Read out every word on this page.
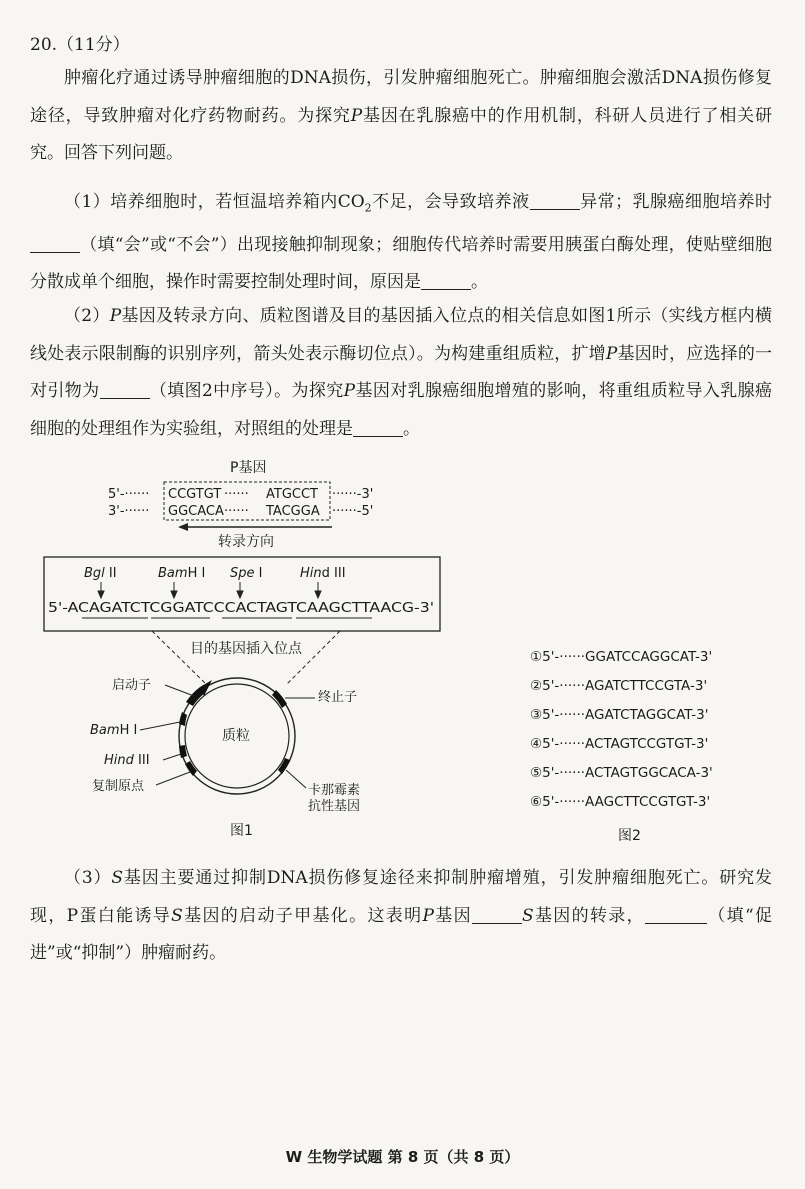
20.（11分）
肿瘤化疗通过诱导肿瘤细胞的DNA损伤，引发肿瘤细胞死亡。肿瘤细胞会激活DNA损伤修复途径，导致肿瘤对化疗药物耐药。为探究P基因在乳腺癌中的作用机制，科研人员进行了相关研究。回答下列问题。
（1）培养细胞时，若恒温培养箱内$CO_2$不足，会导致培养液	异常；乳腺癌细胞培养时（填“会”或“不会”）出现接触抑制现象；细胞传代培养时需要用胰蛋白酶处理，使贴壁细胞分散成单个细胞，操作时需要控制处理时间，原因是	。
（2）P基因及转录方向、质粒图谱及目的基因插入位点的相关信息如图1所示（实线方框内横线处表示限制酶的识别序列，箭头处表示酶切位点）。为构建重组质粒，扩增P基因时，应选择的一对引物为	（填图2中序号）。为探究P基因对乳腺癌细胞增殖的影响，将重组质粒导入乳腺癌细胞的处理组作为实验组，对照组的处理是	。
P基因
5'-······ CCGTGT ······ ATGCCT ······-3'
3'-······ GGCACA ······ TACGGA ······-5'
转录方向
Bgl II	BamH I Spe I	Hind III
5'-ACAGATCTCGGATCCCACTAGTCAAGCTTAACG-3'
目的基因插入位点
质粒
启动子
终止子
BamH I
Hind III
复制原点	卡那霉素
抗性基因
图1
①5'-······GGATCCAGGCAT-3'
②5'-······AGATCTTCCGTA-3'
③5'-······AGATCTAGGCAT-3'
④5'-······ACTAGTCCGTGT-3'
⑤5'-······ACTAGTGGCACA-3'
⑥5'-······AAGCTTCCGTGT-3'
图2
（3）S基因主要通过抑制DNA损伤修复途径来抑制肿瘤增殖，引发肿瘤细胞死亡。研究发现，P蛋白能诱导S基因的启动子甲基化。这表明P基因	S基因的转录，	（填“促进”或“抑制”）肿瘤耐药。
W 生物学试题 第 8 页（共 8 页）
